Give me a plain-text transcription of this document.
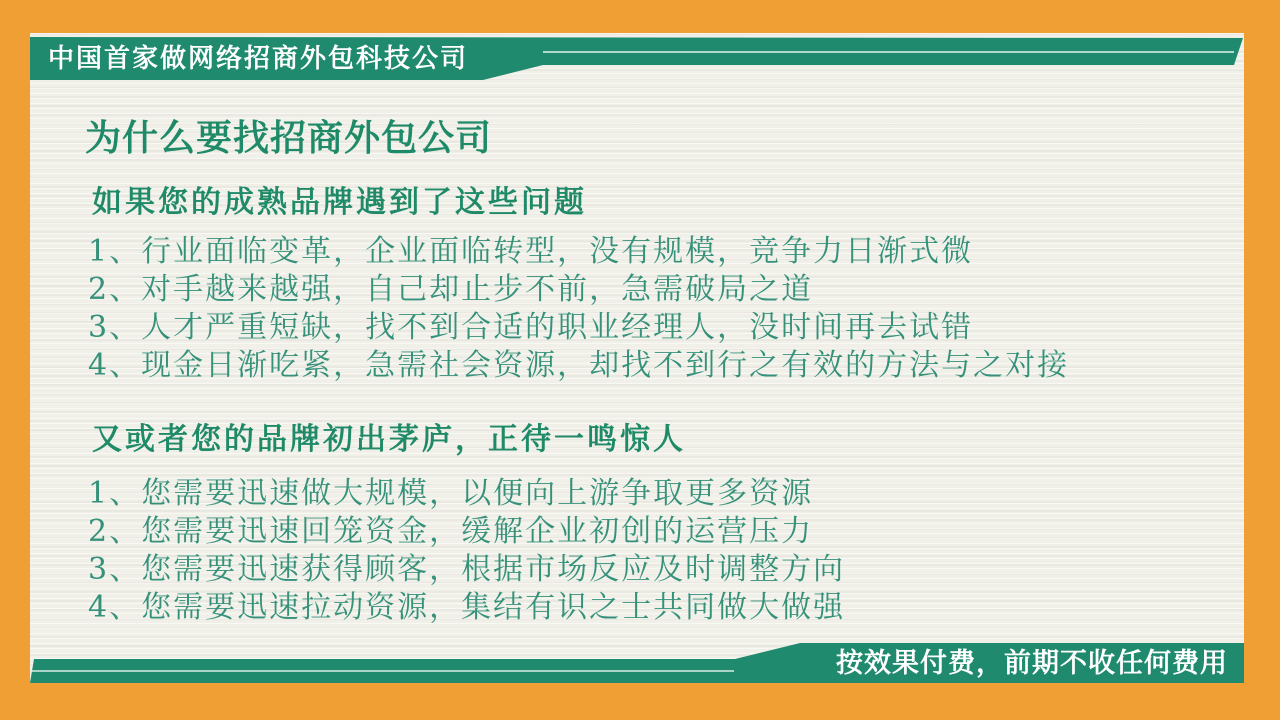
中国首家做网络招商外包科技公司
为什么要找招商外包公司
如果您的成熟品牌遇到了这些问题
1、行业面临变革，企业面临转型，没有规模，竞争力日渐式微
2、对手越来越强，自己却止步不前，急需破局之道
3、人才严重短缺，找不到合适的职业经理人，没时间再去试错
4、现金日渐吃紧，急需社会资源，却找不到行之有效的方法与之对接
又或者您的品牌初出茅庐，正待一鸣惊人
1、您需要迅速做大规模，以便向上游争取更多资源
2、您需要迅速回笼资金，缓解企业初创的运营压力
3、您需要迅速获得顾客，根据市场反应及时调整方向
4、您需要迅速拉动资源，集结有识之士共同做大做强
按效果付费，前期不收任何费用
